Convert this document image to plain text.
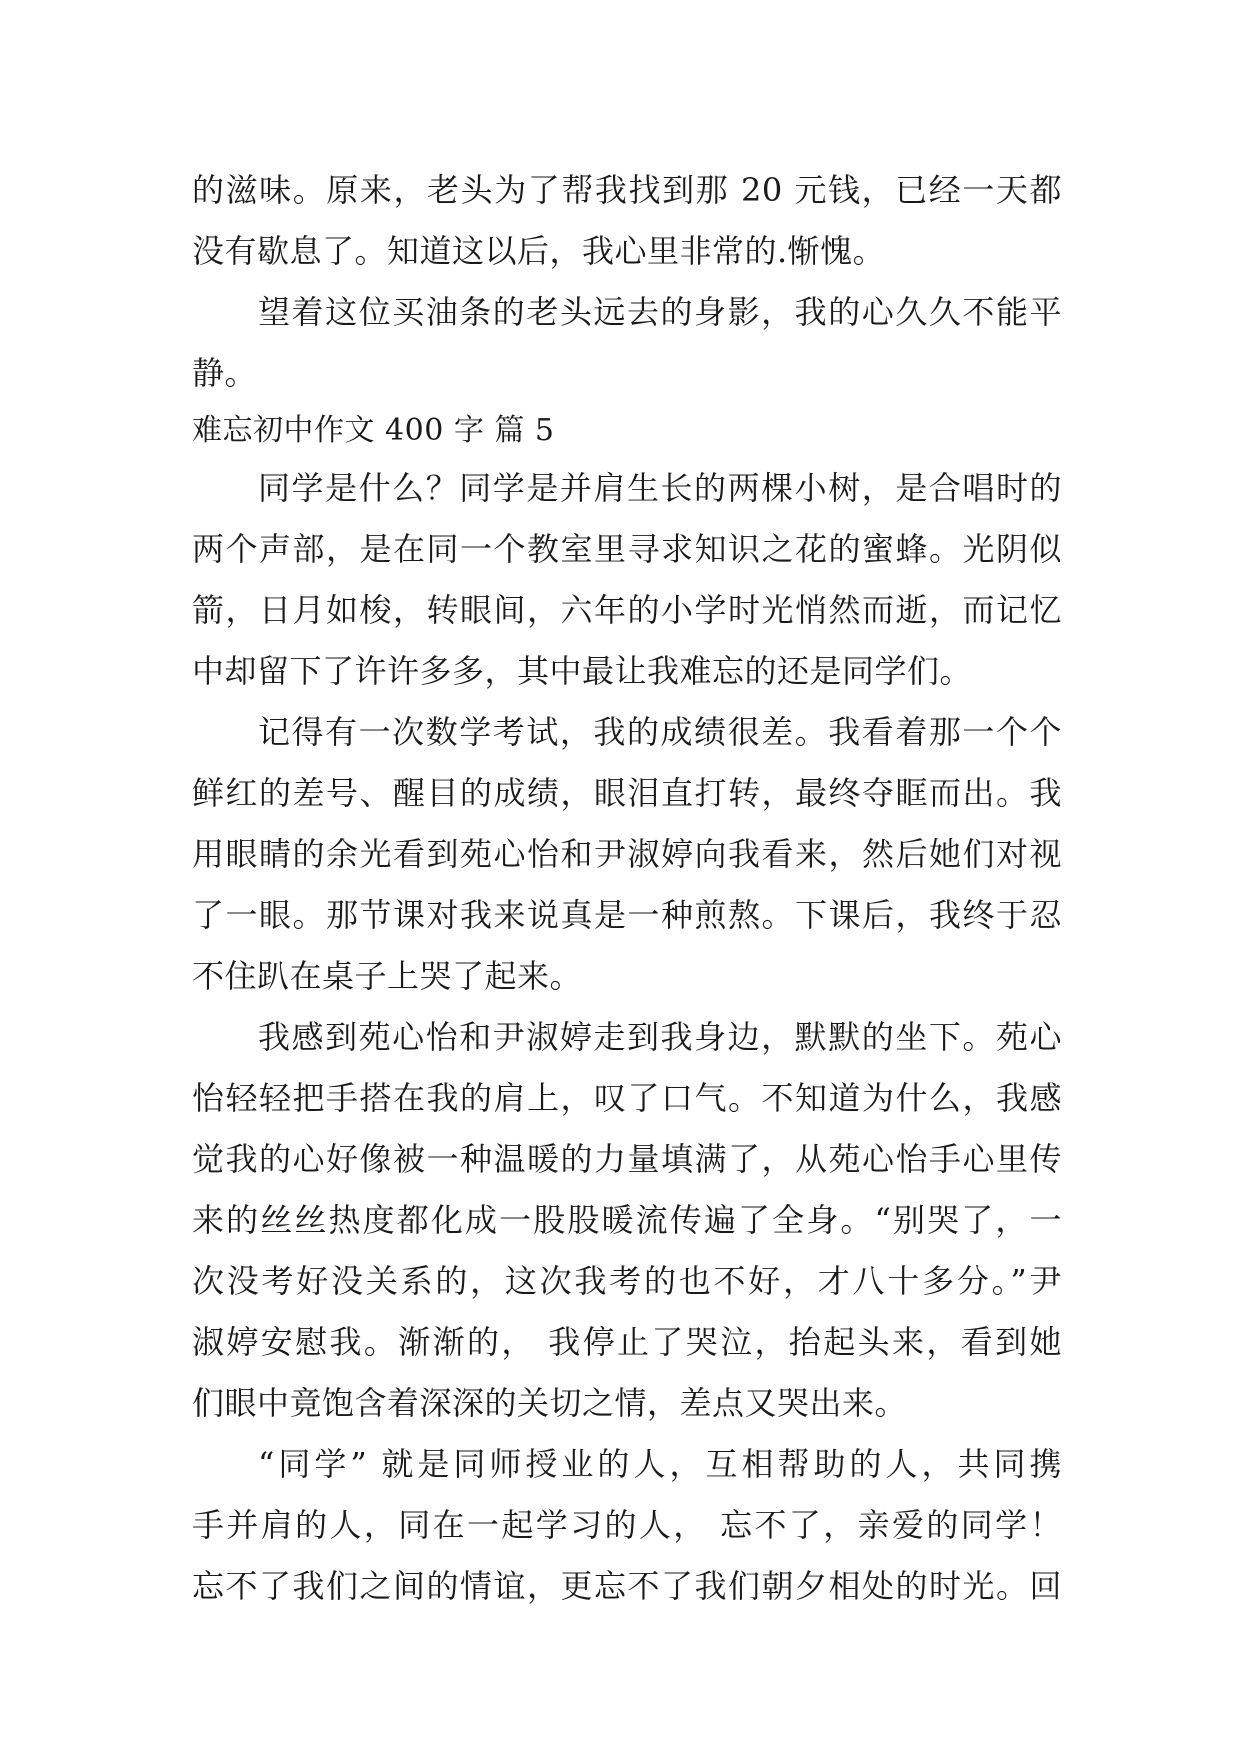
的滋味。原来，老头为了帮我找到那 20 元钱，已经一天都
没有歇息了。知道这以后，我心里非常的.惭愧。
望着这位买油条的老头远去的身影，我的心久久不能平
静。
难忘初中作文 400 字 篇 5
同学是什么？同学是并肩生长的两棵小树，是合唱时的
两个声部，是在同一个教室里寻求知识之花的蜜蜂。光阴似
箭，日月如梭，转眼间，六年的小学时光悄然而逝，而记忆
中却留下了许许多多，其中最让我难忘的还是同学们。
记得有一次数学考试，我的成绩很差。我看着那一个个
鲜红的差号、醒目的成绩，眼泪直打转，最终夺眶而出。我
用眼睛的余光看到苑心怡和尹淑婷向我看来，然后她们对视
了一眼。那节课对我来说真是一种煎熬。下课后，我终于忍
不住趴在桌子上哭了起来。
我感到苑心怡和尹淑婷走到我身边，默默的坐下。苑心
怡轻轻把手搭在我的肩上，叹了口气。不知道为什么，我感
觉我的心好像被一种温暖的力量填满了，从苑心怡手心里传
来的丝丝热度都化成一股股暖流传遍了全身。“别哭了，一
次没考好没关系的，这次我考的也不好，才八十多分。”尹
淑婷安慰我。渐渐的， 我停止了哭泣，抬起头来，看到她
们眼中竟饱含着深深的关切之情，差点又哭出来。
“同学” 就是同师授业的人，互相帮助的人，共同携
手并肩的人，同在一起学习的人， 忘不了，亲爱的同学！
忘不了我们之间的情谊，更忘不了我们朝夕相处的时光。回
